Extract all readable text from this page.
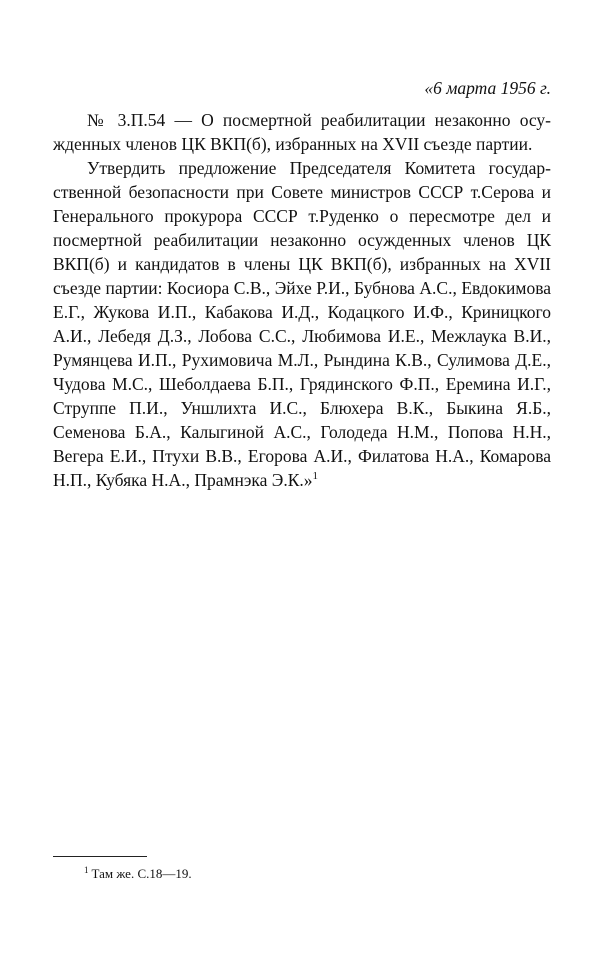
«6 марта 1956 г.

№ 3.П.54 — О посмертной реабилитации незаконно осужденных членов ЦК ВКП(б), избранных на XVII съезде партии.

Утвердить предложение Председателя Комитета государственной безопасности при Совете министров СССР т.Серова и Генерального прокурора СССР т.Руденко о пересмотре дел и посмертной реабилитации незаконно осужденных членов ЦК ВКП(б) и кандидатов в члены ЦК ВКП(б), избранных на XVII съезде партии: Косиора С.В., Эйхе Р.И., Бубнова А.С., Евдокимова Е.Г., Жукова И.П., Кабакова И.Д., Кодацкого И.Ф., Криницкого А.И., Лебедя Д.З., Лобова С.С., Любимова И.Е., Межлаука В.И., Румянцева И.П., Рухимовича М.Л., Рындина К.В., Сулимова Д.Е., Чудова М.С., Шеболдаева Б.П., Грядинского Ф.П., Еремина И.Г., Струппе П.И., Уншлихта И.С., Блюхера В.К., Быкина Я.Б., Семенова Б.А., Калыгиной А.С., Голодеда Н.М., Попова Н.Н., Вегера Е.И., Птухи В.В., Егорова А.И., Филатова Н.А., Комарова Н.П., Кубяка Н.А., Прамнэка Э.К.»$^1$

$^1$ Там же. С.18—19.
